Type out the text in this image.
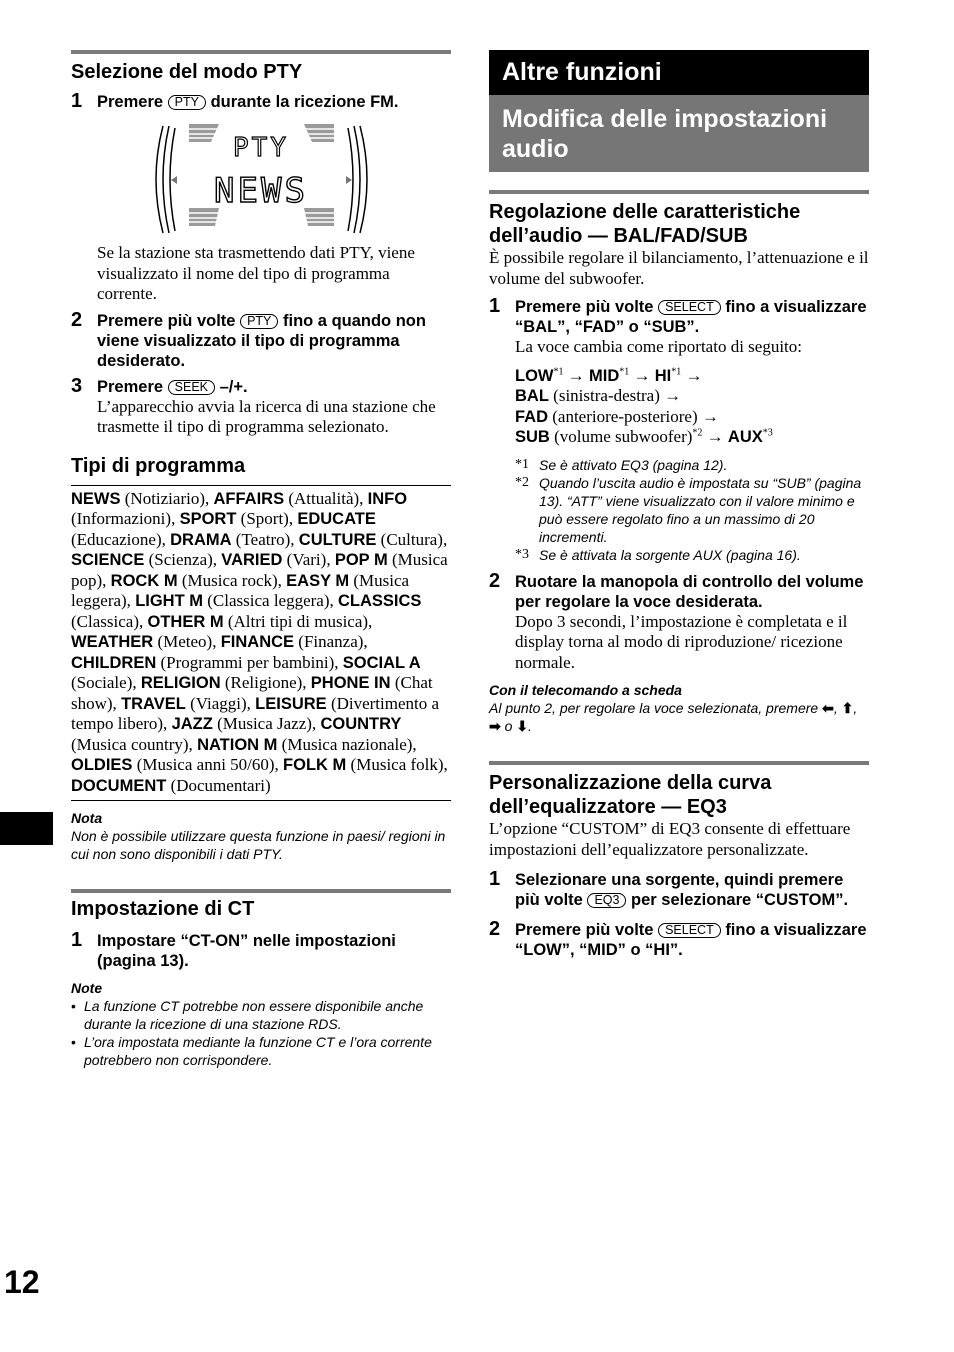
Selezione del modo PTY
1 Premere PTY durante la ricezione FM.
PTY
NEWS
Se la stazione sta trasmettendo dati PTY, viene visualizzato il nome del tipo di programma corrente.
2 Premere più volte PTY fino a quando non viene visualizzato il tipo di programma desiderato.
3 Premere SEEK –/+.
L’apparecchio avvia la ricerca di una stazione che trasmette il tipo di programma selezionato.
Tipi di programma
NEWS (Notiziario), AFFAIRS (Attualità), INFO (Informazioni), SPORT (Sport), EDUCATE (Educazione), DRAMA (Teatro), CULTURE (Cultura), SCIENCE (Scienza), VARIED (Vari), POP M (Musica pop), ROCK M (Musica rock), EASY M (Musica leggera), LIGHT M (Classica leggera), CLASSICS (Classica), OTHER M (Altri tipi di musica), WEATHER (Meteo), FINANCE (Finanza), CHILDREN (Programmi per bambini), SOCIAL A (Sociale), RELIGION (Religione), PHONE IN (Chat show), TRAVEL (Viaggi), LEISURE (Divertimento a tempo libero), JAZZ (Musica Jazz), COUNTRY (Musica country), NATION M (Musica nazionale), OLDIES (Musica anni 50/60), FOLK M (Musica folk), DOCUMENT (Documentari)
Nota
Non è possibile utilizzare questa funzione in paesi/ regioni in cui non sono disponibili i dati PTY.
Impostazione di CT
1 Impostare “CT-ON” nelle impostazioni (pagina 13).
Note
• La funzione CT potrebbe non essere disponibile anche durante la ricezione di una stazione RDS.
• L’ora impostata mediante la funzione CT e l’ora corrente potrebbero non corrispondere.
Altre funzioni
Modifica delle impostazioni audio
Regolazione delle caratteristiche dell’audio — BAL/FAD/SUB
È possibile regolare il bilanciamento, l’attenuazione e il volume del subwoofer.
1 Premere più volte SELECT fino a visualizzare “BAL”, “FAD” o “SUB”.
La voce cambia come riportato di seguito:
$LOW^{*1} \to MID^{*1} \to HI^{*1}$ →
BAL (sinistra-destra) →
FAD (anteriore-posteriore) →
SUB (volume subwoofer)$^{*2}$ → $AUX^{*3}$
*1 Se è attivato EQ3 (pagina 12).
*2 Quando l’uscita audio è impostata su “SUB” (pagina 13). “ATT” viene visualizzato con il valore minimo e può essere regolato fino a un massimo di 20 incrementi.
*3 Se è attivata la sorgente AUX (pagina 16).
2 Ruotare la manopola di controllo del volume per regolare la voce desiderata.
Dopo 3 secondi, l’impostazione è completata e il display torna al modo di riproduzione/ ricezione normale.
Con il telecomando a scheda
Al punto 2, per regolare la voce selezionata, premere ⬅, ⬆, ➡ o ⬇.
Personalizzazione della curva dell’equalizzatore — EQ3
L’opzione “CUSTOM” di EQ3 consente di effettuare impostazioni dell’equalizzatore personalizzate.
1 Selezionare una sorgente, quindi premere più volte EQ3 per selezionare “CUSTOM”.
2 Premere più volte SELECT fino a visualizzare “LOW”, “MID” o “HI”.
12
